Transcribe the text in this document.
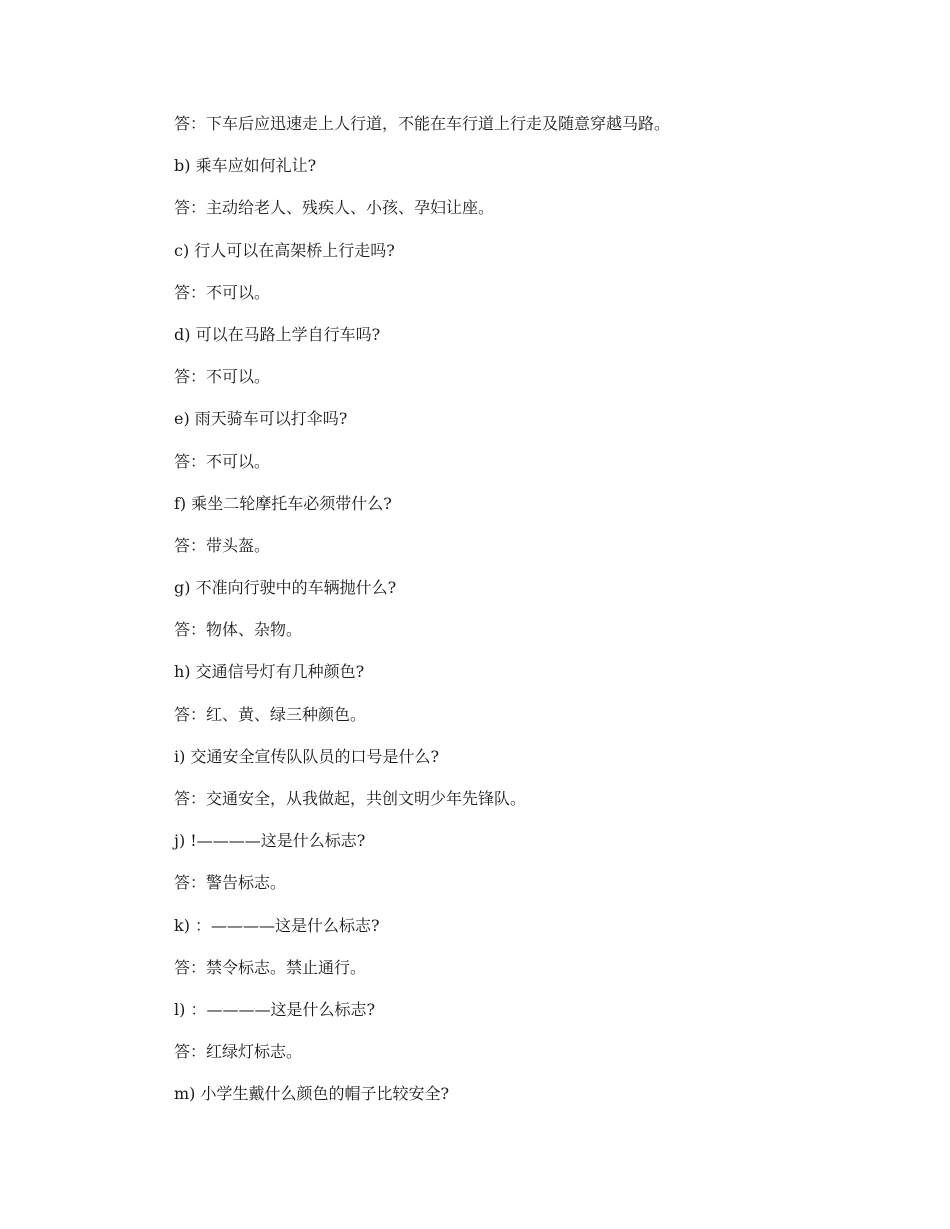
答：下车后应迅速走上人行道，不能在车行道上行走及随意穿越马路。
b) 乘车应如何礼让?
答：主动给老人、残疾人、小孩、孕妇让座。
c) 行人可以在高架桥上行走吗?
答：不可以。
d) 可以在马路上学自行车吗?
答：不可以。
e) 雨天骑车可以打伞吗?
答：不可以。
f) 乘坐二轮摩托车必须带什么?
答：带头盔。
g) 不准向行驶中的车辆抛什么?
答：物体、杂物。
h) 交通信号灯有几种颜色?
答：红、黄、绿三种颜色。
i) 交通安全宣传队队员的口号是什么?
答：交通安全，从我做起，共创文明少年先锋队。
j) !————这是什么标志?
答：警告标志。
k) ：————这是什么标志?
答：禁令标志。禁止通行。
l) ：————这是什么标志?
答：红绿灯标志。
m) 小学生戴什么颜色的帽子比较安全?
